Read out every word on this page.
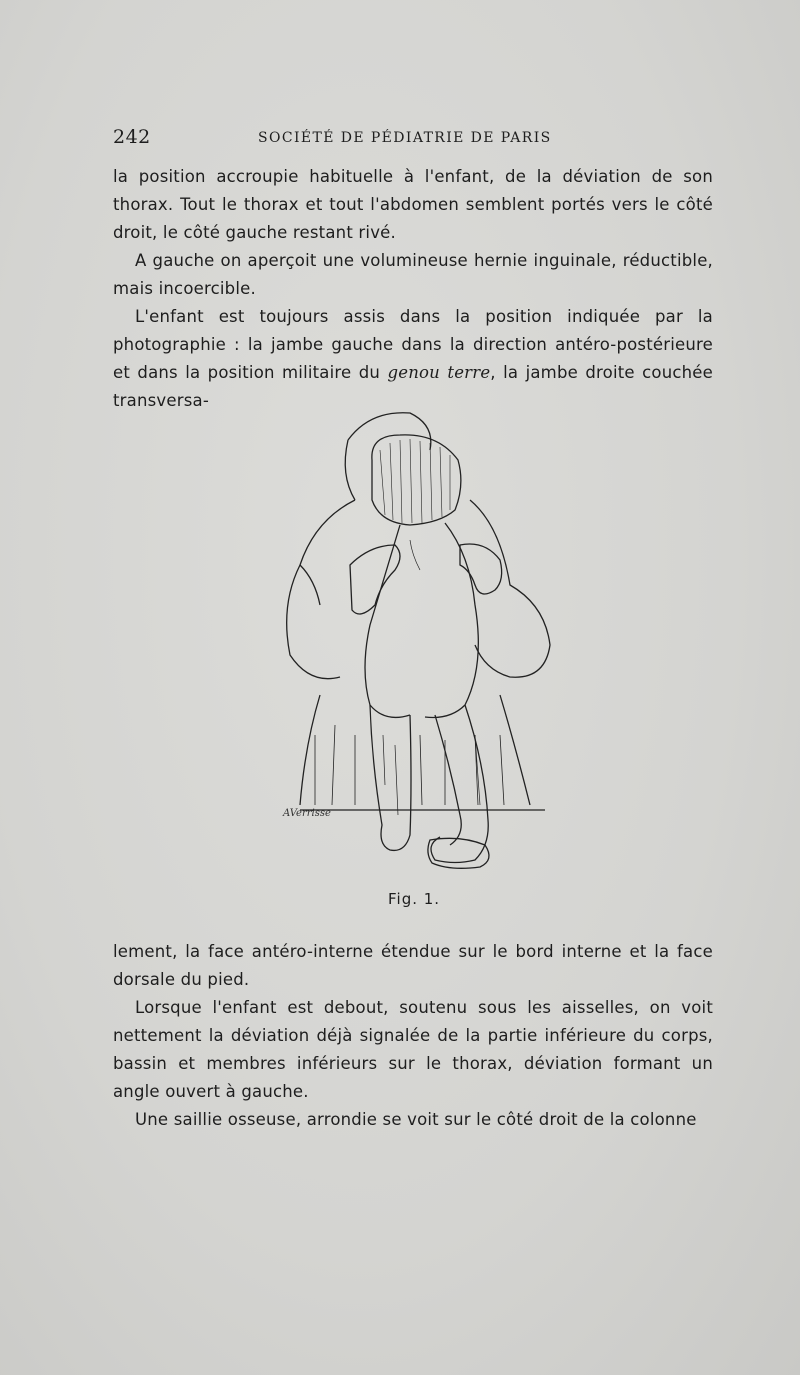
242	SOCIÉTÉ DE PÉDIATRIE DE PARIS

la position accroupie habituelle à l'enfant, de la déviation de son thorax. Tout le thorax et tout l'abdomen semblent portés vers le côté droit, le côté gauche restant rivé.

A gauche on aperçoit une volumineuse hernie inguinale, réductible, mais incoercible.

L'enfant est toujours assis dans la position indiquée par la photographie : la jambe gauche dans la direction antéro-postérieure et dans la position militaire du genou terre, la jambe droite couchée transversa-

AVerrisse
Fig. 1.

lement, la face antéro-interne étendue sur le bord interne et la face dorsale du pied.

Lorsque l'enfant est debout, soutenu sous les aisselles, on voit nettement la déviation déjà signalée de la partie inférieure du corps, bassin et membres inférieurs sur le thorax, déviation formant un angle ouvert à gauche.

Une saillie osseuse, arrondie se voit sur le côté droit de la colonne
